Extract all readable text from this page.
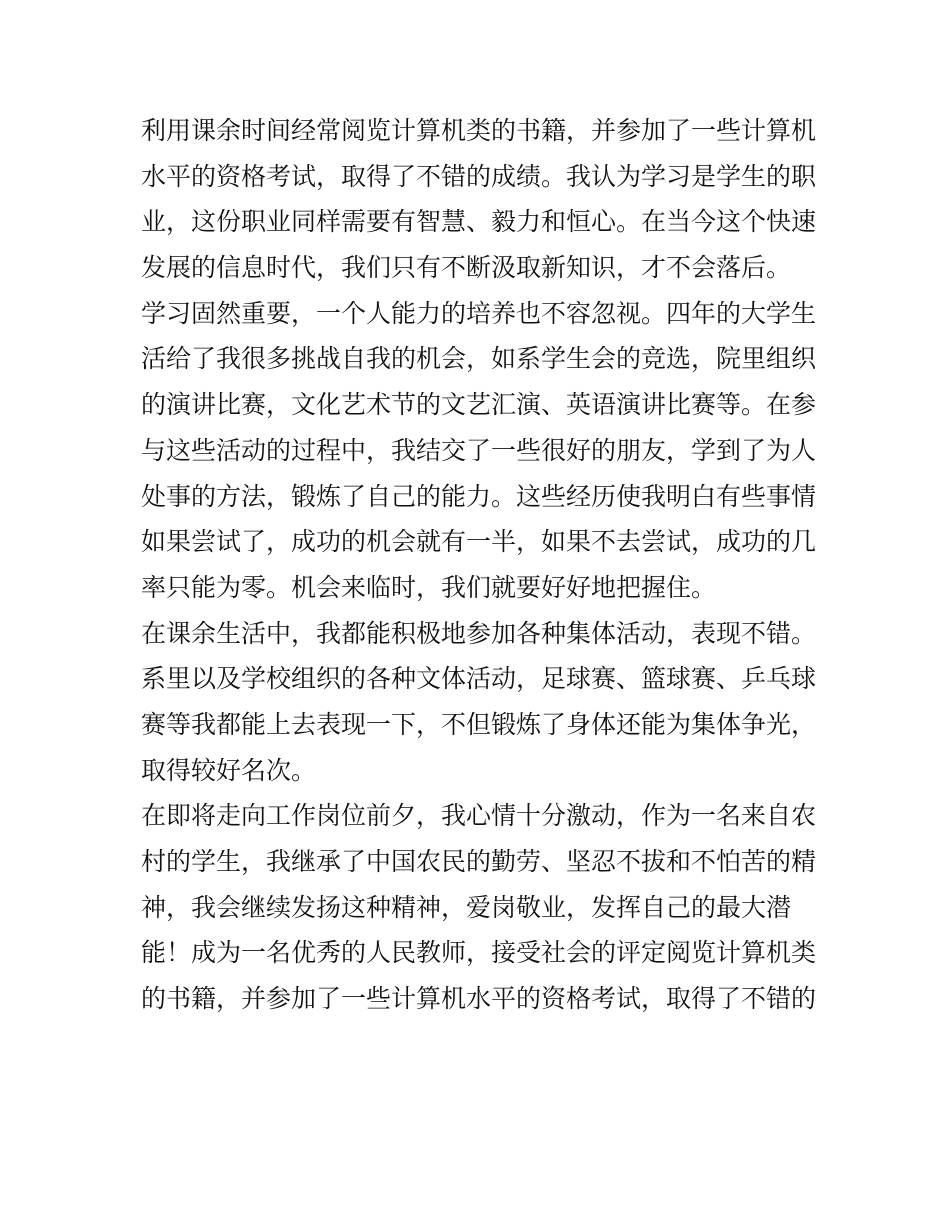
利用课余时间经常阅览计算机类的书籍，并参加了一些计算机
水平的资格考试，取得了不错的成绩。我认为学习是学生的职
业，这份职业同样需要有智慧、毅力和恒心。在当今这个快速
发展的信息时代，我们只有不断汲取新知识，才不会落后。
学习固然重要，一个人能力的培养也不容忽视。四年的大学生
活给了我很多挑战自我的机会，如系学生会的竞选，院里组织
的演讲比赛，文化艺术节的文艺汇演、英语演讲比赛等。在参
与这些活动的过程中，我结交了一些很好的朋友，学到了为人
处事的方法，锻炼了自己的能力。这些经历使我明白有些事情
如果尝试了，成功的机会就有一半，如果不去尝试，成功的几
率只能为零。机会来临时，我们就要好好地把握住。
在课余生活中，我都能积极地参加各种集体活动，表现不错。
系里以及学校组织的各种文体活动，足球赛、篮球赛、乒乓球
赛等我都能上去表现一下，不但锻炼了身体还能为集体争光，
取得较好名次。
在即将走向工作岗位前夕，我心情十分激动，作为一名来自农
村的学生，我继承了中国农民的勤劳、坚忍不拔和不怕苦的精
神，我会继续发扬这种精神，爱岗敬业，发挥自己的最大潜
能！成为一名优秀的人民教师，接受社会的评定阅览计算机类
的书籍，并参加了一些计算机水平的资格考试，取得了不错的
